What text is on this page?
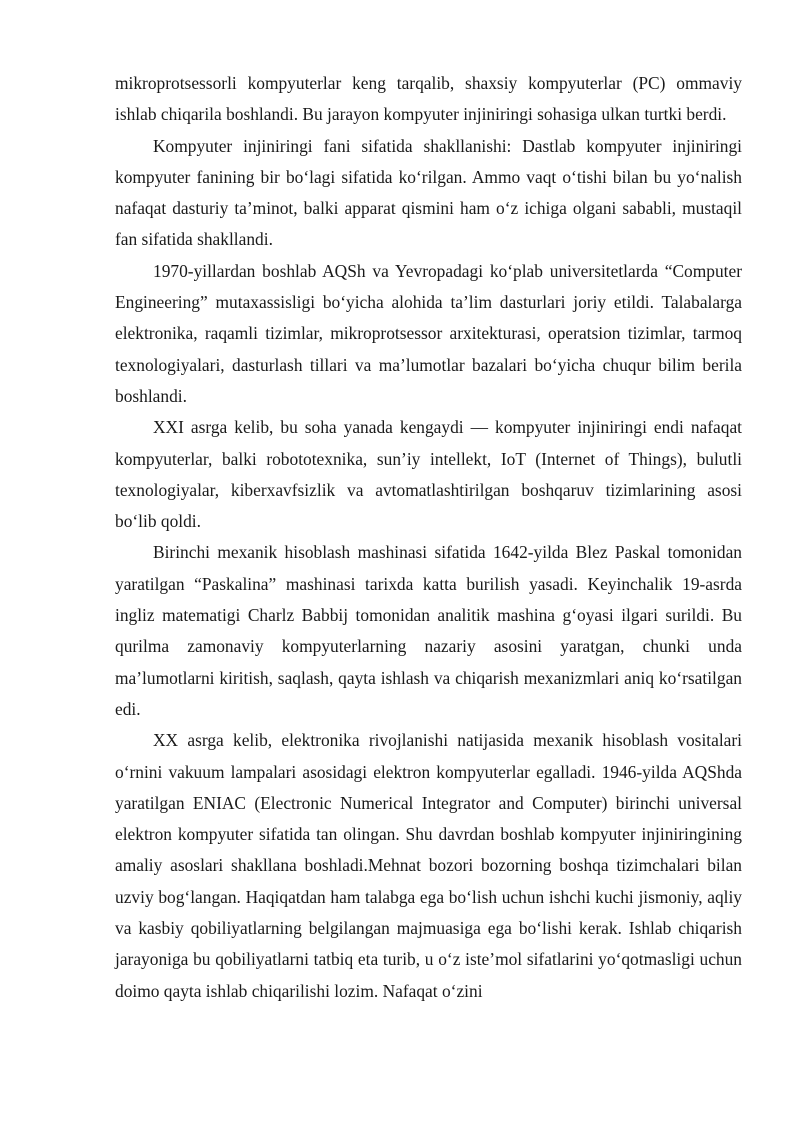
mikroprotsessorli kompyuterlar keng tarqalib, shaxsiy kompyuterlar (PC) ommaviy ishlab chiqarila boshlandi. Bu jarayon kompyuter injiniringi sohasiga ulkan turtki berdi.

Kompyuter injiniringi fani sifatida shakllanishi: Dastlab kompyuter injiniringi kompyuter fanining bir bo‘lagi sifatida ko‘rilgan. Ammo vaqt o‘tishi bilan bu yo‘nalish nafaqat dasturiy ta’minot, balki apparat qismini ham o‘z ichiga olgani sababli, mustaqil fan sifatida shakllandi.

1970-yillardan boshlab AQSh va Yevropadagi ko‘plab universitetlarda “Computer Engineering” mutaxassisligi bo‘yicha alohida ta’lim dasturlari joriy etildi. Talabalarga elektronika, raqamli tizimlar, mikroprotsessor arxitekturasi, operatsion tizimlar, tarmoq texnologiyalari, dasturlash tillari va ma’lumotlar bazalari bo‘yicha chuqur bilim berila boshlandi.

XXI asrga kelib, bu soha yanada kengaydi — kompyuter injiniringi endi nafaqat kompyuterlar, balki robototexnika, sun’iy intellekt, IoT (Internet of Things), bulutli texnologiyalar, kiberxavfsizlik va avtomatlashtirilgan boshqaruv tizimlarining asosi bo‘lib qoldi.

Birinchi mexanik hisoblash mashinasi sifatida 1642-yilda Blez Paskal tomonidan yaratilgan “Paskalina” mashinasi tarixda katta burilish yasadi. Keyinchalik 19-asrda ingliz matematigi Charlz Babbij tomonidan analitik mashina g‘oyasi ilgari surildi. Bu qurilma zamonaviy kompyuterlarning nazariy asosini yaratgan, chunki unda ma’lumotlarni kiritish, saqlash, qayta ishlash va chiqarish mexanizmlari aniq ko‘rsatilgan edi.

XX asrga kelib, elektronika rivojlanishi natijasida mexanik hisoblash vositalari o‘rnini vakuum lampalari asosidagi elektron kompyuterlar egalladi. 1946-yilda AQShda yaratilgan ENIAC (Electronic Numerical Integrator and Computer) birinchi universal elektron kompyuter sifatida tan olingan. Shu davrdan boshlab kompyuter injiniringining amaliy asoslari shakllana boshladi.Mehnat bozori bozorning boshqa tizimchalari bilan uzviy bog‘langan. Haqiqatdan ham talabga ega bo‘lish uchun ishchi kuchi jismoniy, aqliy va kasbiy qobiliyatlarning belgilangan majmuasiga ega bo‘lishi kerak. Ishlab chiqarish jarayoniga bu qobiliyatlarni tatbiq eta turib, u o‘z iste’mol sifatlarini yo‘qotmasligi uchun doimo qayta ishlab chiqarilishi lozim. Nafaqat o‘zini
